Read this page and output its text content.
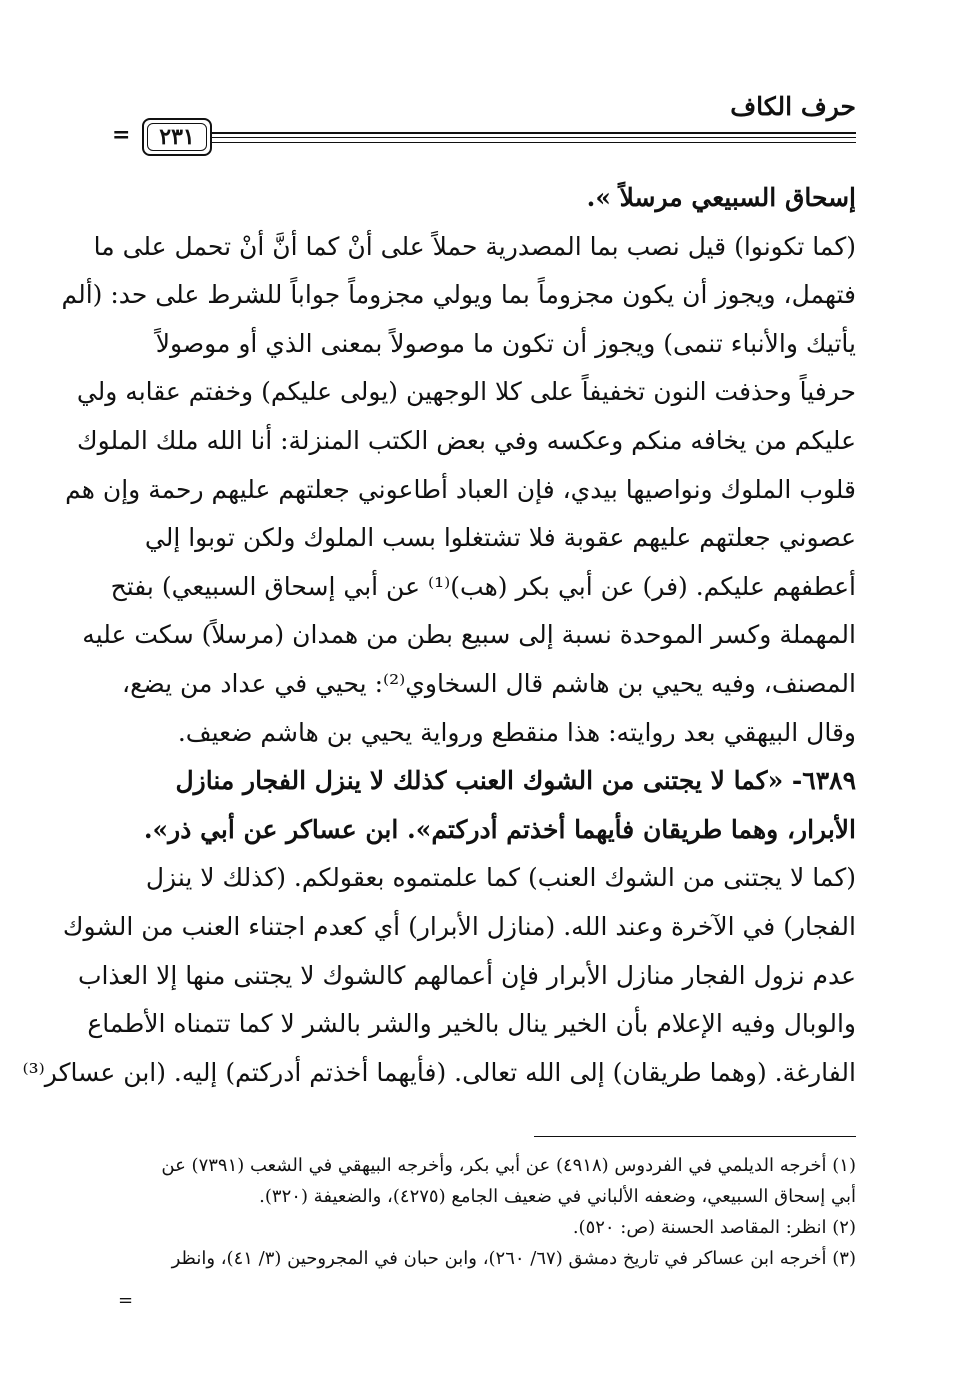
حرف الكاف
٢٣١
=
إسحاق السبيعي مرسلاً ».
(كما تكونوا) قيل نصب بما المصدرية حملاً على أنْ كما أنَّ أنْ تحمل على ما
فتهمل، ويجوز أن يكون مجزوماً بما ويولي مجزوماً جواباً للشرط على حد: (ألم
يأتيك والأنباء تنمى) ويجوز أن تكون ما موصولاً بمعنى الذي أو موصولاً
حرفياً وحذفت النون تخفيفاً على كلا الوجهين (يولى عليكم) وخفتم عقابه ولي
عليكم من يخافه منكم وعكسه وفي بعض الكتب المنزلة: أنا الله ملك الملوك
قلوب الملوك ونواصيها بيدي، فإن العباد أطاعوني جعلتهم عليهم رحمة وإن هم
عصوني جعلتهم عليهم عقوبة فلا تشتغلوا بسب الملوك ولكن توبوا إلي
أعطفهم عليكم. (فر) عن أبي بكر (هب)⁽¹⁾ عن أبي إسحاق السبيعي) بفتح
المهملة وكسر الموحدة نسبة إلى سبيع بطن من همدان (مرسلاً) سكت عليه
المصنف، وفيه يحيي بن هاشم قال السخاوي⁽²⁾: يحيي في عداد من يضع،
وقال البيهقي بعد روايته: هذا منقطع ورواية يحيي بن هاشم ضعيف.
٦٣٨٩- «كما لا يجتنى من الشوك العنب كذلك لا ينزل الفجار منازل
الأبرار، وهما طريقان فأيهما أخذتم أدركتم». ابن عساكر عن أبي ذر».
(كما لا يجتنى من الشوك العنب) كما علمتموه بعقولكم. (كذلك لا ينزل
الفجار) في الآخرة وعند الله. (منازل الأبرار) أي كعدم اجتناء العنب من الشوك
عدم نزول الفجار منازل الأبرار فإن أعمالهم كالشوك لا يجتنى منها إلا العذاب
والوبال وفيه الإعلام بأن الخير ينال بالخير والشر بالشر لا كما تتمناه الأطماع
الفارغة. (وهما طريقان) إلى الله تعالى. (فأيهما أخذتم أدركتم) إليه. (ابن عساكر⁽³⁾
(١) أخرجه الديلمي في الفردوس (٤٩١٨) عن أبي بكر، وأخرجه البيهقي في الشعب (٧٣٩١) عن
أبي إسحاق السبيعي، وضعفه الألباني في ضعيف الجامع (٤٢٧٥)، والضعيفة (٣٢٠).
(٢) انظر: المقاصد الحسنة (ص: ٥٢٠).
(٣) أخرجه ابن عساكر في تاريخ دمشق (٦٧/ ٢٦٠)، وابن حبان في المجروحين (٣/ ٤١)، وانظر
=
